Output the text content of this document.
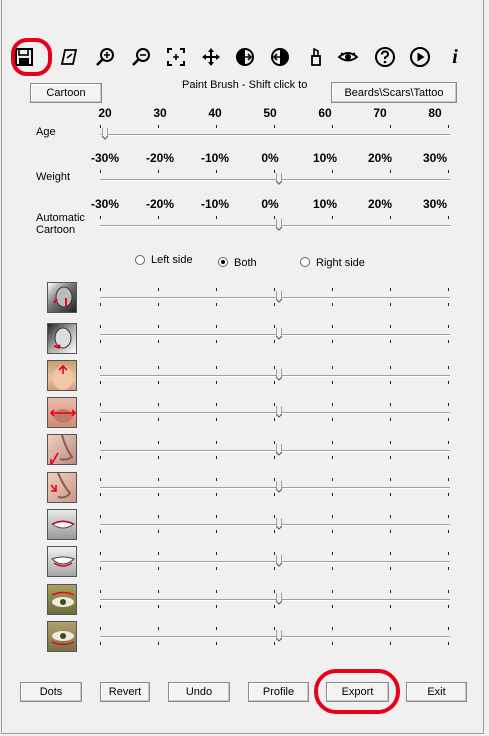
i
Cartoon
Paint Brush - Shift click to
Beards\Scars\Tattoo
20	30	40	50	60	70	80
Age
-30% -20% -10%	0%	10%	20%	30%
Weight
-30% -20% -10%	0%	10%	20%	30%
Automatic
Cartoon
Left side	Both	Right side
Dots	Revert	Undo	Profile	Export	Exit
